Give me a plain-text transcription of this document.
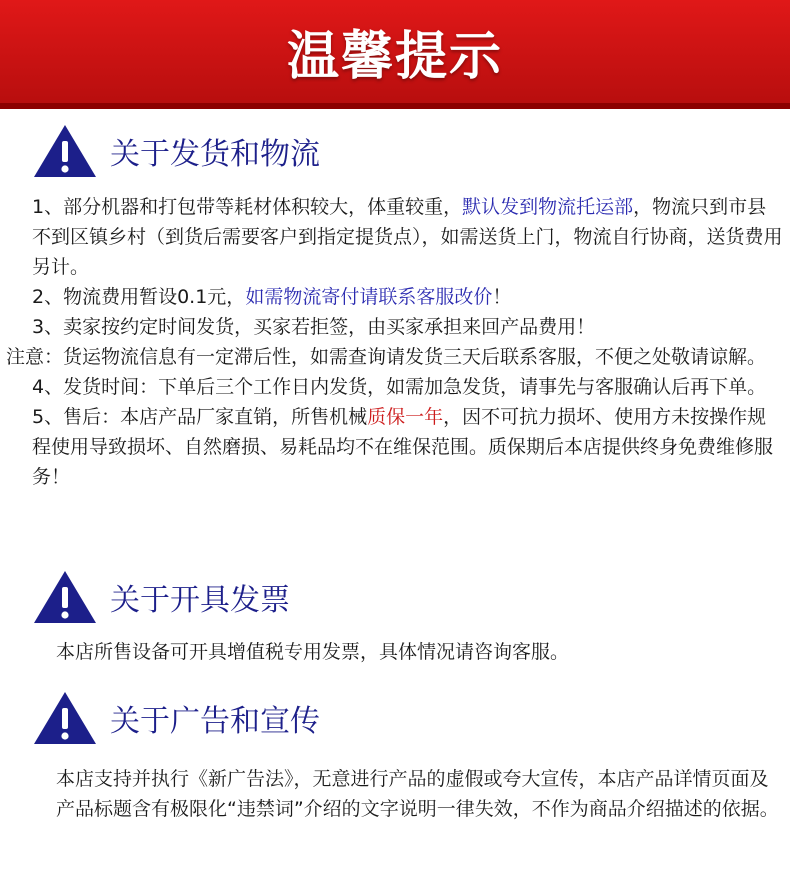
温馨提示
关于发货和物流

1、部分机器和打包带等耗材体积较大，体重较重，默认发到物流托运部，物流只到市县不到区镇乡村（到货后需要客户到指定提货点），如需送货上门，物流自行协商，送货费用另计。

2、物流费用暂设0.1元，如需物流寄付请联系客服改价！

3、卖家按约定时间发货，买家若拒签，由买家承担来回产品费用！

注意：货运物流信息有一定滞后性，如需查询请发货三天后联系客服，不便之处敬请谅解。

4、发货时间：下单后三个工作日内发货，如需加急发货，请事先与客服确认后再下单。

5、售后：本店产品厂家直销，所售机械质保一年，因不可抗力损坏、使用方未按操作规程使用导致损坏、自然磨损、易耗品均不在维保范围。质保期后本店提供终身免费维修服务！

关于开具发票

本店所售设备可开具增值税专用发票，具体情况请咨询客服。

关于广告和宣传

本店支持并执行《新广告法》，无意进行产品的虚假或夸大宣传，本店产品详情页面及产品标题含有极限化“违禁词”介绍的文字说明一律失效，不作为商品介绍描述的依据。
